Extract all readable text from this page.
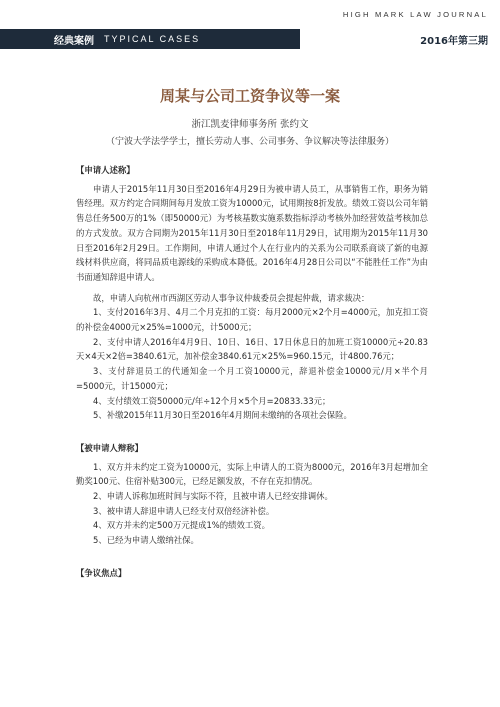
HIGH MARK LAW JOURNAL
经典案例 TYPICAL CASES	2016年第三期
周某与公司工资争议等一案
浙江凯麦律师事务所 张约文
（宁波大学法学学士，擅长劳动人事、公司事务、争议解决等法律服务）
【申请人述称】

申请人于2015年11月30日至2016年4月29日为被申请人员工，从事销售工作，职务为销售经理。双方约定合同期间每月发放工资为10000元，试用期按8折发放。绩效工资以公司年销售总任务500万的1%（即50000元）为考核基数实施系数指标浮动考核外加经营效益考核加总的方式发放。双方合同期为2015年11月30日至2018年11月29日，试用期为2015年11月30日至2016年2月29日。工作期间，申请人通过个人在行业内的关系为公司联系商谈了新的电源线材料供应商，将同品质电源线的采购成本降低。2016年4月28日公司以“不能胜任工作”为由书面通知辞退申请人。

故，申请人向杭州市西湖区劳动人事争议仲裁委员会提起仲裁，请求裁决：

1、支付2016年3月、4月二个月克扣的工资：每月2000元×2个月=4000元，加克扣工资的补偿金4000元×25%=1000元，计5000元；

2、支付申请人2016年4月9日、10日、16日、17日休息日的加班工资10000元÷20.83天×4天×2倍=3840.61元，加补偿金3840.61元×25%=960.15元，计4800.76元；

3、支付辞退员工的代通知金一个月工资10000元，辞退补偿金10000元/月×半个月=5000元，计15000元；

4、支付绩效工资50000元/年÷12个月×5个月=20833.33元；

5、补缴2015年11月30日至2016年4月期间未缴纳的各项社会保险。

【被申请人辩称】

1、双方并未约定工资为10000元，实际上申请人的工资为8000元，2016年3月起增加全勤奖100元、住宿补贴300元，已经足额发放，不存在克扣情况。

2、申请人诉称加班时间与实际不符，且被申请人已经安排调休。

3、被申请人辞退申请人已经支付双倍经济补偿。

4、双方并未约定500万元提成1%的绩效工资。

5、已经为申请人缴纳社保。

【争议焦点】
